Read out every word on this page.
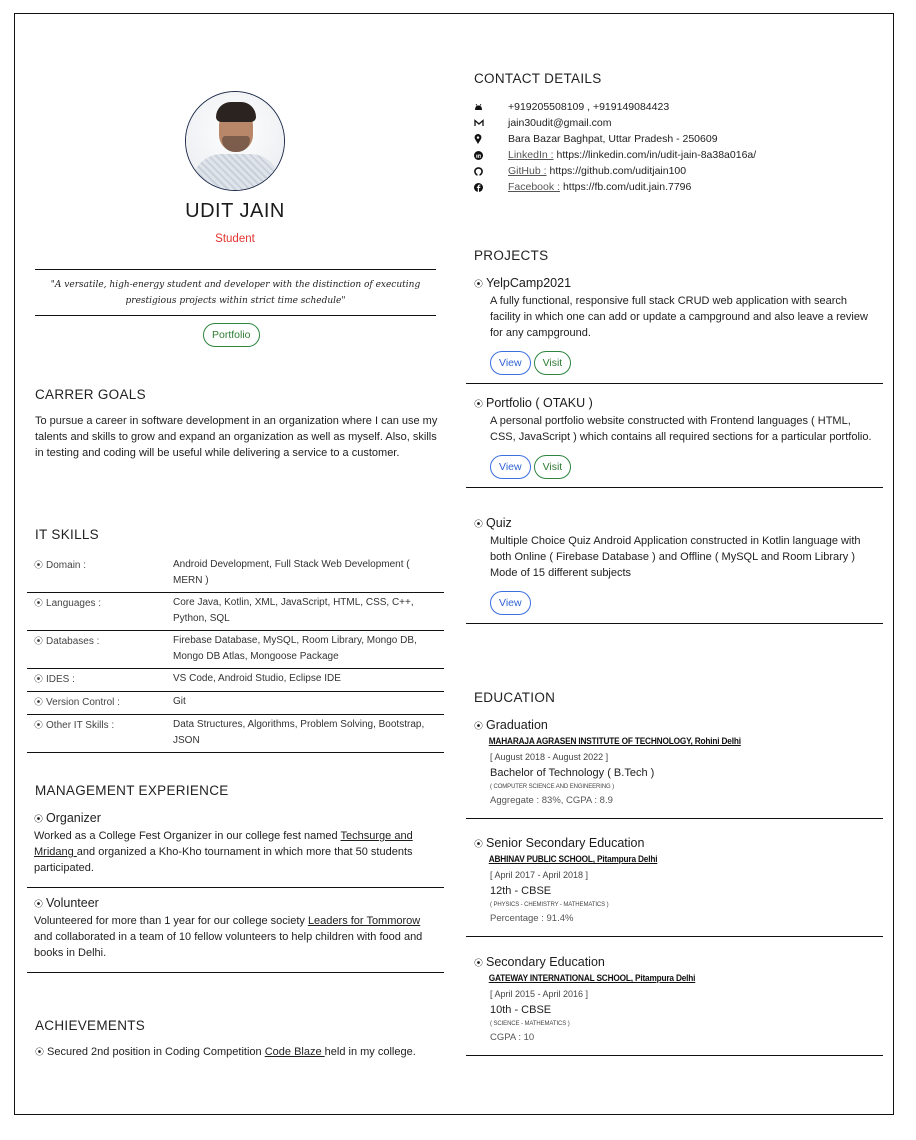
UDIT JAIN
Student
"A versatile, high-energy student and developer with the distinction of executing prestigious projects within strict time schedule"
Portfolio
CARRER GOALS
To pursue a career in software development in an organization where I can use my talents and skills to grow and expand an organization as well as myself. Also, skills in testing and coding will be useful while delivering a service to a customer.
IT SKILLS
⦿ Domain :	Android Development, Full Stack Web Development ( MERN )
⦿ Languages :	Core Java, Kotlin, XML, JavaScript, HTML, CSS, C++, Python, SQL
⦿ Databases :	Firebase Database, MySQL, Room Library, Mongo DB, Mongo DB Atlas, Mongoose Package
⦿ IDES :	VS Code, Android Studio, Eclipse IDE
⦿ Version Control :	Git
⦿ Other IT Skills :	Data Structures, Algorithms, Problem Solving, Bootstrap, JSON
MANAGEMENT EXPERIENCE
⦿ Organizer
Worked as a College Fest Organizer in our college fest named Techsurge and Mridang and organized a Kho-Kho tournament in which more that 50 students participated.
⦿ Volunteer
Volunteered for more than 1 year for our college society Leaders for Tommorow and collaborated in a team of 10 fellow volunteers to help children with food and books in Delhi.
ACHIEVEMENTS
⦿ Secured 2nd position in Coding Competition Code Blaze held in my college.
CONTACT DETAILS
+919205508109 , +919149084423
jain30udit@gmail.com
Bara Bazar Baghpat, Uttar Pradesh - 250609
LinkedIn : https://linkedin.com/in/udit-jain-8a38a016a/
GitHub : https://github.com/uditjain100
Facebook : https://fb.com/udit.jain.7796
PROJECTS
⦿ YelpCamp2021
A fully functional, responsive full stack CRUD web application with search facility in which one can add or update a campground and also leave a review for any campground.
View	Visit
⦿ Portfolio ( OTAKU )
A personal portfolio website constructed with Frontend languages ( HTML, CSS, JavaScript ) which contains all required sections for a particular portfolio.
View	Visit
⦿ Quiz
Multiple Choice Quiz Android Application constructed in Kotlin language with both Online ( Firebase Database ) and Offline ( MySQL and Room Library ) Mode of 15 different subjects
View
EDUCATION
⦿ Graduation
MAHARAJA AGRASEN INSTITUTE OF TECHNOLOGY, Rohini Delhi
[ August 2018 - August 2022 ]
Bachelor of Technology ( B.Tech )
( COMPUTER SCIENCE AND ENGINEERING )
Aggregate : 83%, CGPA : 8.9
⦿ Senior Secondary Education
ABHINAV PUBLIC SCHOOL, Pitampura Delhi
[ April 2017 - April 2018 ]
12th - CBSE
( PHYSICS - CHEMISTRY - MATHEMATICS )
Percentage : 91.4%
⦿ Secondary Education
GATEWAY INTERNATIONAL SCHOOL, Pitampura Delhi
[ April 2015 - April 2016 ]
10th - CBSE
( SCIENCE - MATHEMATICS )
CGPA : 10
